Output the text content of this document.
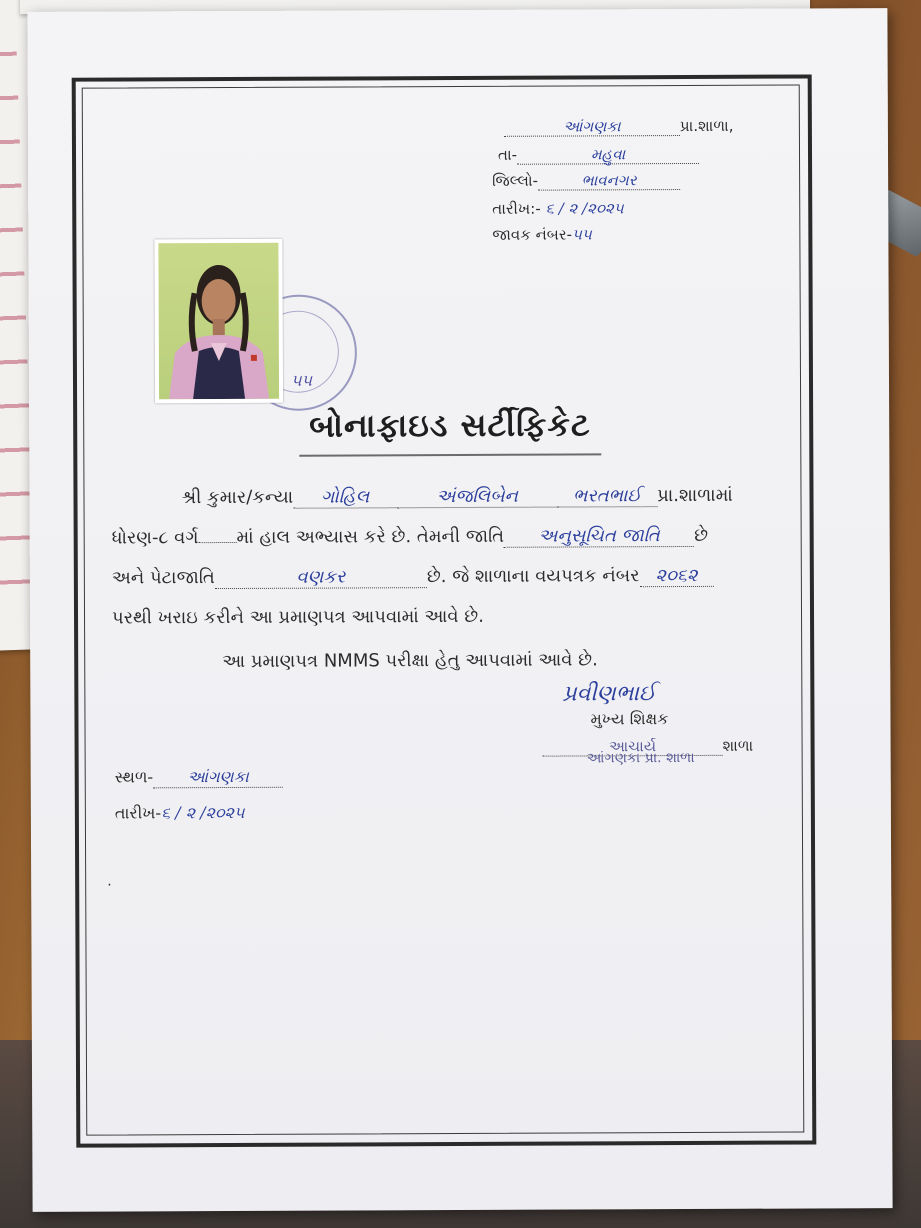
આંગણકા	પ્રા.શાળા,
તા-	મહુવા
જિલ્લો-	ભાવનગર
તારીખ:- ૬ / ૨ /૨૦૨૫
જાવક નંબર-૫૫
૫૫
બોનાફાઇડ સર્ટીફિકેટ
શ્રી કુમાર/કન્યા ગોહિલ	અંજલિબેન	ભરતભાઈ પ્રા.શાળામાં
ધોરણ-૮ વર્ગ માં હાલ અભ્યાસ કરે છે. તેમની જાતિ અનુસૂચિત જાતિ છે
અને પેટાજાતિ	વણકર	છે. જે શાળાના વયપત્રક નંબર ૨૦૬૨
પરથી ખરાઇ કરીને આ પ્રમાણપત્ર આપવામાં આવે છે.
આ પ્રમાણપત્ર NMMS પરીક્ષા હેતુ આપવામાં આવે છે.
પ્રવીણભાઈ
મુખ્ય શિક્ષક
આચાર્ય	શાળા
આંગણકા પ્રા. શાળા
સ્થળ- આંગણકા
તારીખ-૬ / ૨ /૨૦૨૫
.
